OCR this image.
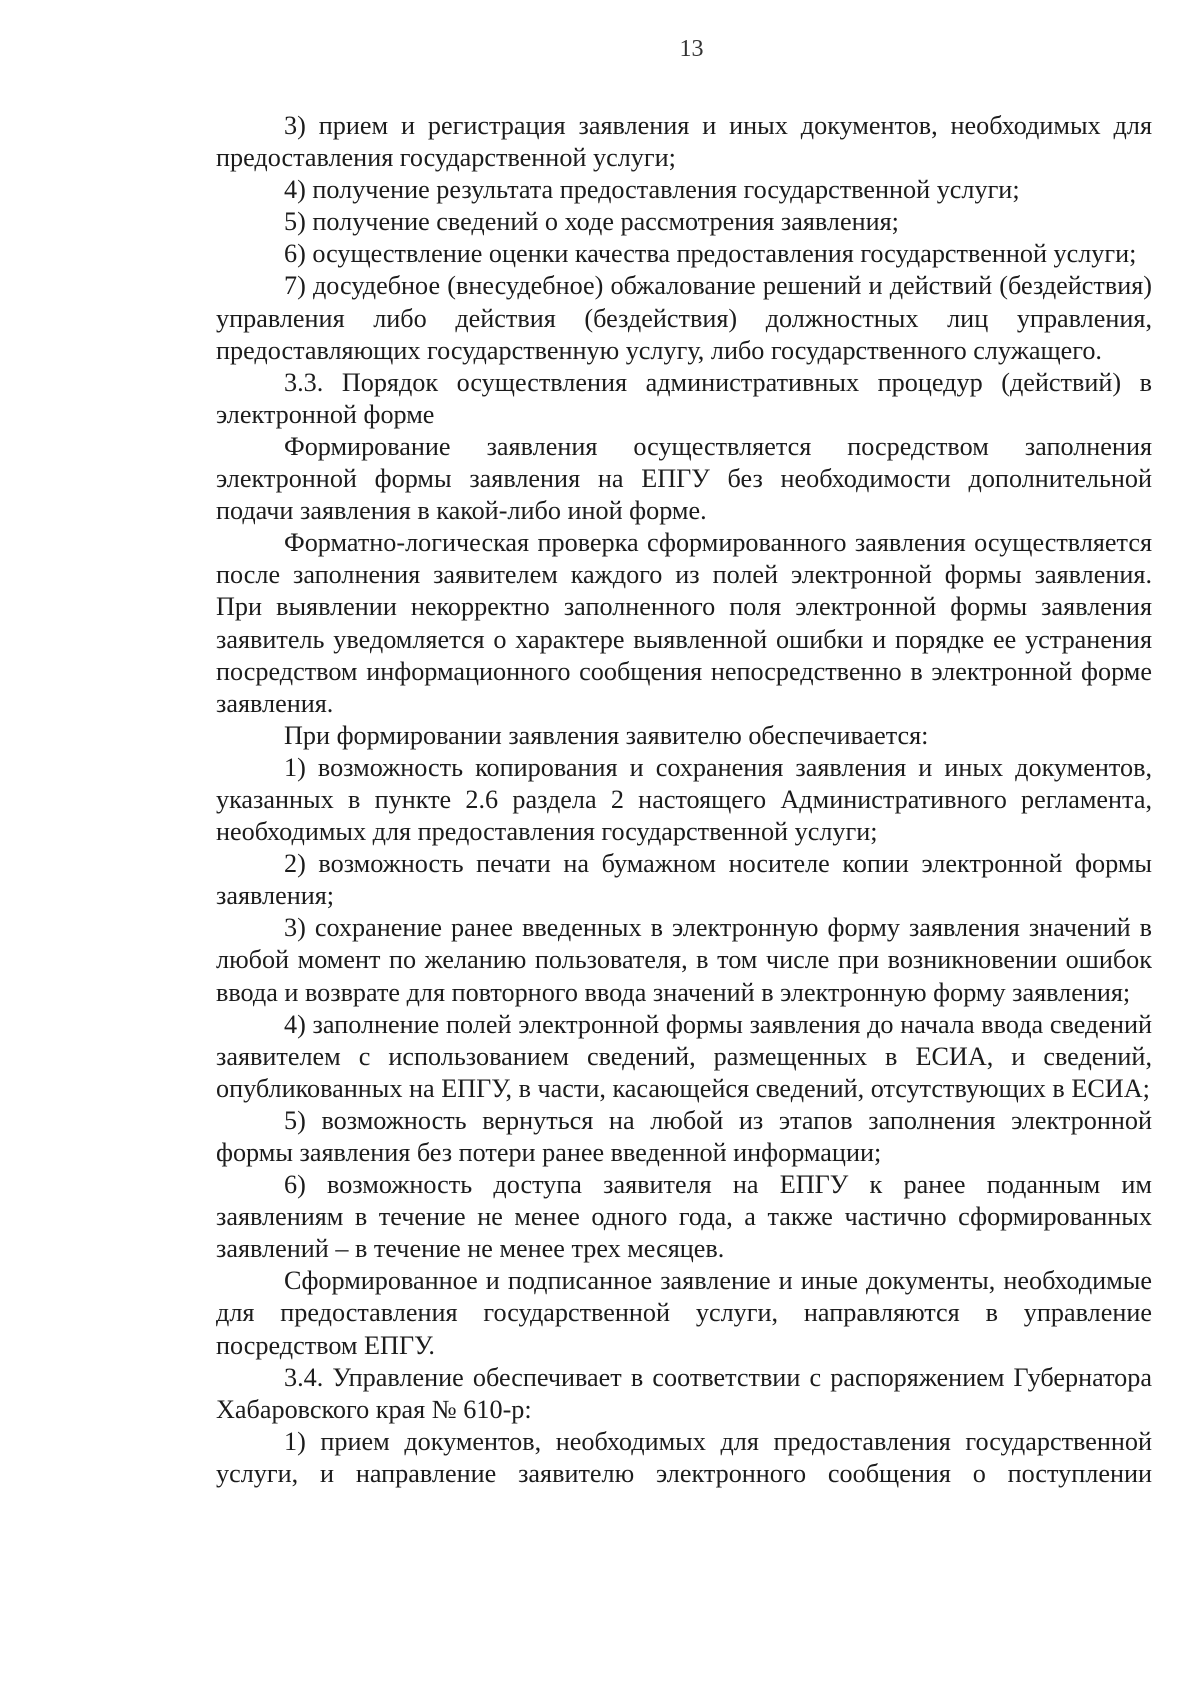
13

3) прием и регистрация заявления и иных документов, необходимых для предоставления государственной услуги;

4) получение результата предоставления государственной услуги;

5) получение сведений о ходе рассмотрения заявления;

6) осуществление оценки качества предоставления государственной услуги;

7) досудебное (внесудебное) обжалование решений и действий (бездействия) управления либо действия (бездействия) должностных лиц управления, предоставляющих государственную услугу, либо государственного служащего.

3.3. Порядок осуществления административных процедур (действий) в электронной форме

Формирование заявления осуществляется посредством заполнения электронной формы заявления на ЕПГУ без необходимости дополнительной подачи заявления в какой-либо иной форме.

Форматно-логическая проверка сформированного заявления осуществляется после заполнения заявителем каждого из полей электронной формы заявления. При выявлении некорректно заполненного поля электронной формы заявления заявитель уведомляется о характере выявленной ошибки и порядке ее устранения посредством информационного сообщения непосредственно в электронной форме заявления.

При формировании заявления заявителю обеспечивается:

1) возможность копирования и сохранения заявления и иных документов, указанных в пункте 2.6 раздела 2 настоящего Административного регламента, необходимых для предоставления государственной услуги;

2) возможность печати на бумажном носителе копии электронной формы заявления;

3) сохранение ранее введенных в электронную форму заявления значений в любой момент по желанию пользователя, в том числе при возникновении ошибок ввода и возврате для повторного ввода значений в электронную форму заявления;

4) заполнение полей электронной формы заявления до начала ввода сведений заявителем с использованием сведений, размещенных в ЕСИА, и сведений, опубликованных на ЕПГУ, в части, касающейся сведений, отсутствующих в ЕСИА;

5) возможность вернуться на любой из этапов заполнения электронной формы заявления без потери ранее введенной информации;

6) возможность доступа заявителя на ЕПГУ к ранее поданным им заявлениям в течение не менее одного года, а также частично сформированных заявлений – в течение не менее трех месяцев.

Сформированное и подписанное заявление и иные документы, необходимые для предоставления государственной услуги, направляются в управление посредством ЕПГУ.

3.4. Управление обеспечивает в соответствии с распоряжением Губернатора Хабаровского края № 610-р:

1) прием документов, необходимых для предоставления государственной услуги, и направление заявителю электронного сообщения о поступлении
